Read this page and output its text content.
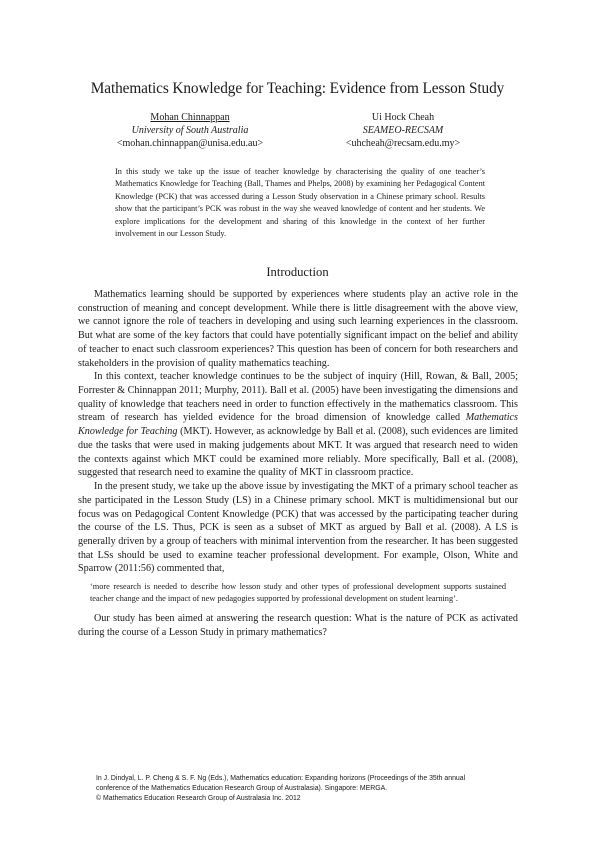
Mathematics Knowledge for Teaching: Evidence from Lesson Study
Mohan Chinnappan
University of South Australia
<mohan.chinnappan@unisa.edu.au>
Ui Hock Cheah
SEAMEO-RECSAM
<uhcheah@recsam.edu.my>

In this study we take up the issue of teacher knowledge by characterising the quality of one teacher’s Mathematics Knowledge for Teaching (Ball, Thames and Phelps, 2008) by examining her Pedagogical Content Knowledge (PCK) that was accessed during a Lesson Study observation in a Chinese primary school. Results show that the participant’s PCK was robust in the way she weaved knowledge of content and her students. We explore implications for the development and sharing of this knowledge in the context of her further involvement in our Lesson Study.

Introduction

Mathematics learning should be supported by experiences where students play an active role in the construction of meaning and concept development. While there is little disagreement with the above view, we cannot ignore the role of teachers in developing and using such learning experiences in the classroom. But what are some of the key factors that could have potentially significant impact on the belief and ability of teacher to enact such classroom experiences? This question has been of concern for both researchers and stakeholders in the provision of quality mathematics teaching.

In this context, teacher knowledge continues to be the subject of inquiry (Hill, Rowan, & Ball, 2005; Forrester & Chinnappan 2011; Murphy, 2011). Ball et al. (2005) have been investigating the dimensions and quality of knowledge that teachers need in order to function effectively in the mathematics classroom. This stream of research has yielded evidence for the broad dimension of knowledge called Mathematics Knowledge for Teaching (MKT). However, as acknowledge by Ball et al. (2008), such evidences are limited due the tasks that were used in making judgements about MKT. It was argued that research need to widen the contexts against which MKT could be examined more reliably. More specifically, Ball et al. (2008), suggested that research need to examine the quality of MKT in classroom practice.

In the present study, we take up the above issue by investigating the MKT of a primary school teacher as she participated in the Lesson Study (LS) in a Chinese primary school. MKT is multidimensional but our focus was on Pedagogical Content Knowledge (PCK) that was accessed by the participating teacher during the course of the LS. Thus, PCK is seen as a subset of MKT as argued by Ball et al. (2008). A LS is generally driven by a group of teachers with minimal intervention from the researcher. It has been suggested that LSs should be used to examine teacher professional development. For example, Olson, White and Sparrow (2011:56) commented that,

‘more research is needed to describe how lesson study and other types of professional development supports sustained teacher change and the impact of new pedagogies supported by professional development on student learning’.

Our study has been aimed at answering the research question: What is the nature of PCK as activated during the course of a Lesson Study in primary mathematics?

In J. Dindyal, L. P. Cheng & S. F. Ng (Eds.), Mathematics education: Expanding horizons (Proceedings of the 35th annual
conference of the Mathematics Education Research Group of Australasia). Singapore: MERGA.
© Mathematics Education Research Group of Australasia Inc. 2012
